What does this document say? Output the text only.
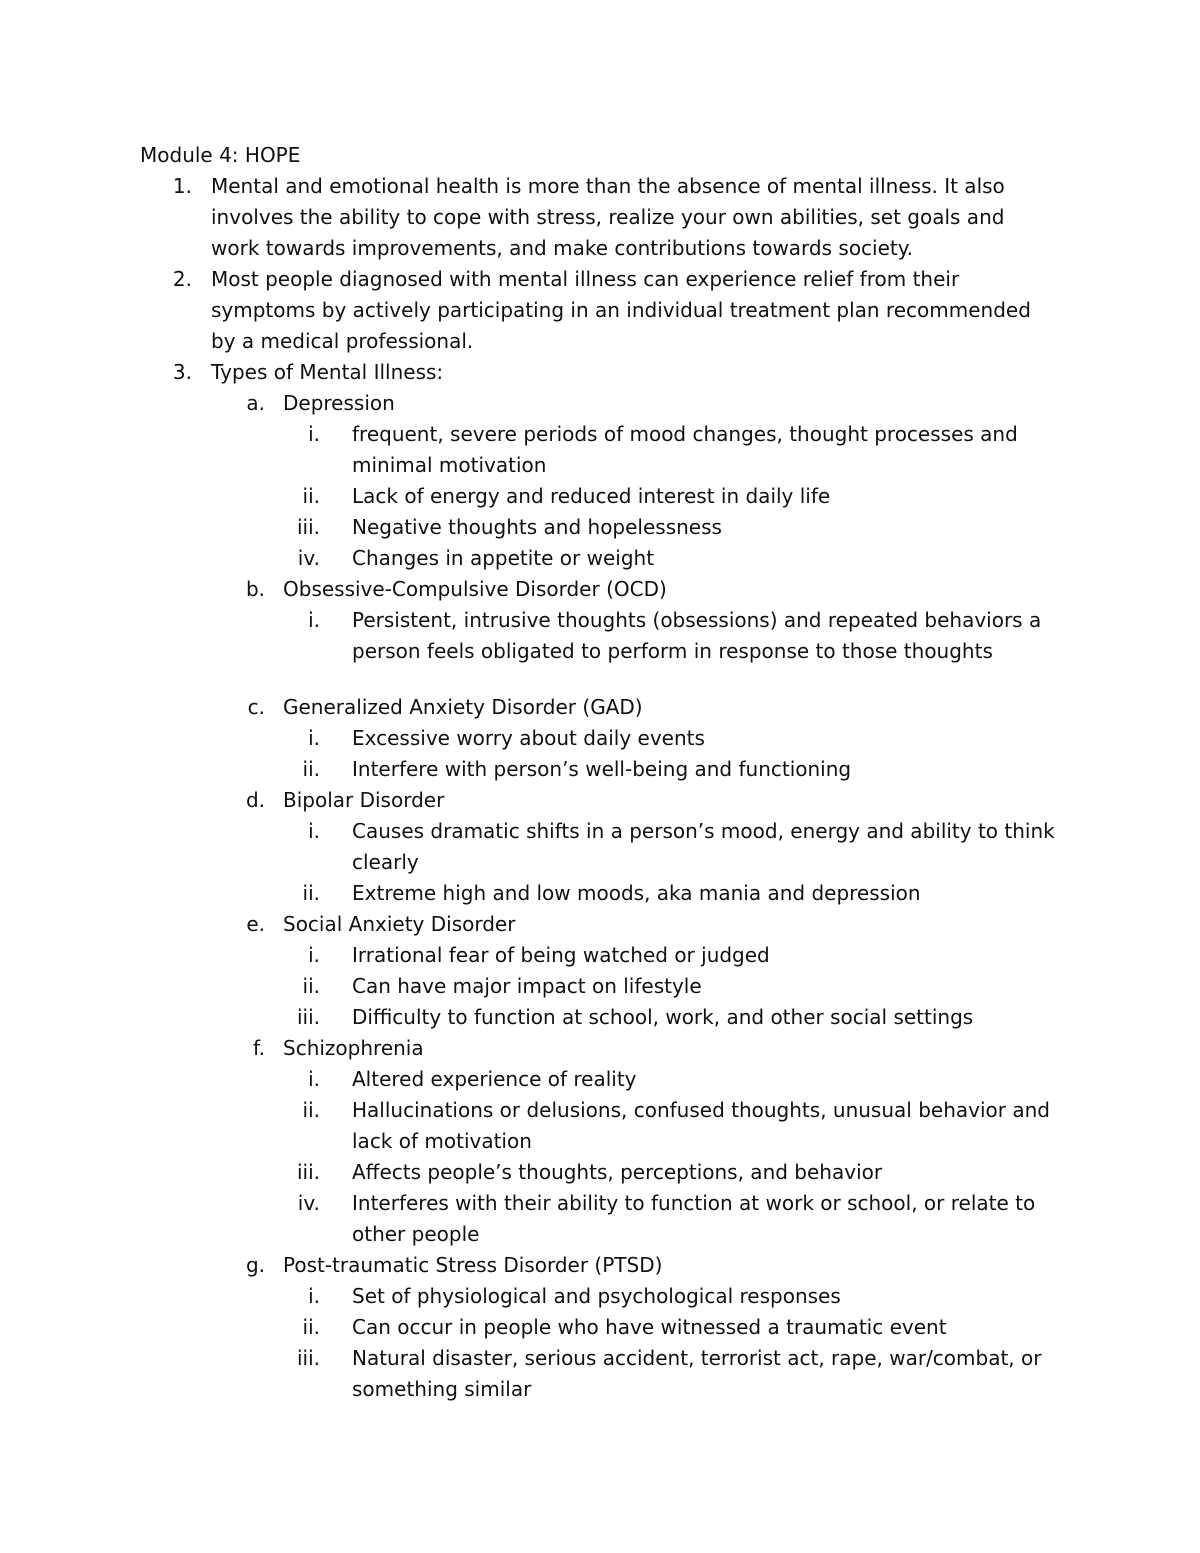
Module 4: HOPE
1. Mental and emotional health is more than the absence of mental illness. It also involves the ability to cope with stress, realize your own abilities, set goals and work towards improvements, and make contributions towards society.
2. Most people diagnosed with mental illness can experience relief from their symptoms by actively participating in an individual treatment plan recommended by a medical professional.
3. Types of Mental Illness:
a. Depression
i. frequent, severe periods of mood changes, thought processes and minimal motivation
ii. Lack of energy and reduced interest in daily life
iii. Negative thoughts and hopelessness
iv. Changes in appetite or weight
b. Obsessive-Compulsive Disorder (OCD)
i. Persistent, intrusive thoughts (obsessions) and repeated behaviors a person feels obligated to perform in response to those thoughts
c. Generalized Anxiety Disorder (GAD)
i. Excessive worry about daily events
ii. Interfere with person’s well-being and functioning
d. Bipolar Disorder
i. Causes dramatic shifts in a person’s mood, energy and ability to think clearly
ii. Extreme high and low moods, aka mania and depression
e. Social Anxiety Disorder
i. Irrational fear of being watched or judged
ii. Can have major impact on lifestyle
iii. Difficulty to function at school, work, and other social settings
f. Schizophrenia
i. Altered experience of reality
ii. Hallucinations or delusions, confused thoughts, unusual behavior and lack of motivation
iii. Affects people’s thoughts, perceptions, and behavior
iv. Interferes with their ability to function at work or school, or relate to other people
g. Post-traumatic Stress Disorder (PTSD)
i. Set of physiological and psychological responses
ii. Can occur in people who have witnessed a traumatic event
iii. Natural disaster, serious accident, terrorist act, rape, war/combat, or something similar
